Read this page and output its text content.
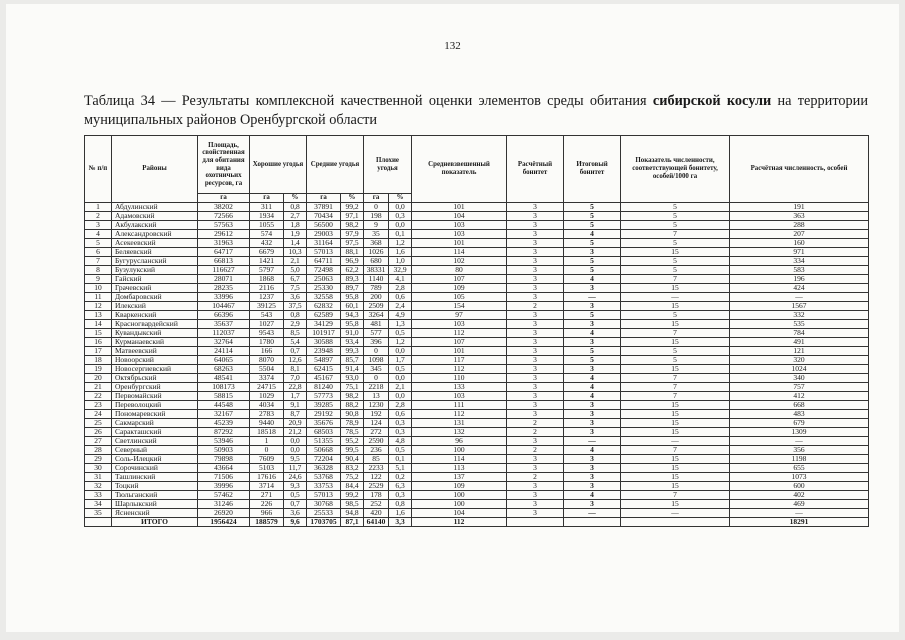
132
Таблица 34 — Результаты комплексной качественной оценки элементов среды обитания сибирской косули на территории муниципальных районов Оренбургской области
№ п/п	Районы	Площадь, свойственная для обитания вида охотничьих ресурсов, га	Хорошие угодья		Средние угодья		Плохие угодья		Средневзвешенный показатель	Расчётный бонитет	Итоговый бонитет	Показатель численности, соответствующей бонитету, особей/1000 га	Расчётная численность, особей
		га	га	%	га	%	га	%					
1	Абдулинский	38202	311	0,8	37891	99,2	0	0,0	101	3	5	5	191
2	Адамовский	72566	1934	2,7	70434	97,1	198	0,3	104	3	5	5	363
3	Акбулакский	57563	1055	1,8	56500	98,2	9	0,0	103	3	5	5	288
4	Александровский	29612	574	1,9	29003	97,9	35	0,1	103	3	4	7	207
5	Асекеевский	31963	432	1,4	31164	97,5	368	1,2	101	3	5	5	160
6	Беляевский	64717	6679	10,3	57013	88,1	1026	1,6	114	3	3	15	971
7	Бугурусланский	66813	1421	2,1	64711	96,9	680	1,0	102	3	5	5	334
8	Бузулукский	116627	5797	5,0	72498	62,2	38331	32,9	80	3	5	5	583
9	Гайский	28071	1868	6,7	25063	89,3	1140	4,1	107	3	4	7	196
10	Грачевский	28235	2116	7,5	25330	89,7	789	2,8	109	3	3	15	424
11	Домбаровский	33996	1237	3,6	32558	95,8	200	0,6	105	3	—	—	—
12	Илекский	104467	39125	37,5	62832	60,1	2509	2,4	154	2	3	15	1567
13	Кваркенский	66396	543	0,8	62589	94,3	3264	4,9	97	3	5	5	332
14	Красногвардейский	35637	1027	2,9	34129	95,8	481	1,3	103	3	3	15	535
15	Кувандыкский	112037	9543	8,5	101917	91,0	577	0,5	112	3	4	7	784
16	Курманаевский	32764	1780	5,4	30588	93,4	396	1,2	107	3	3	15	491
17	Матвеевский	24114	166	0,7	23948	99,3	0	0,0	101	3	5	5	121
18	Новоорский	64065	8070	12,6	54897	85,7	1098	1,7	117	3	5	5	320
19	Новосергиевский	68263	5504	8,1	62415	91,4	345	0,5	112	3	3	15	1024
20	Октябрьский	48541	3374	7,0	45167	93,0	0	0,0	110	3	4	7	340
21	Оренбургский	108173	24715	22,8	81240	75,1	2218	2,1	133	3	4	7	757
22	Первомайский	58815	1029	1,7	57773	98,2	13	0,0	103	3	4	7	412
23	Переволоцкий	44548	4034	9,1	39285	88,2	1230	2,8	111	3	3	15	668
24	Пономаревский	32167	2783	8,7	29192	90,8	192	0,6	112	3	3	15	483
25	Сакмарский	45239	9440	20,9	35676	78,9	124	0,3	131	2	3	15	679
26	Саракташский	87292	18518	21,2	68503	78,5	272	0,3	132	2	3	15	1309
27	Светлинский	53946	1	0,0	51355	95,2	2590	4,8	96	3	—	—	—
28	Северный	50903	0	0,0	50668	99,5	236	0,5	100	2	4	7	356
29	Соль-Илецкий	79898	7609	9,5	72204	90,4	85	0,1	114	3	3	15	1198
30	Сорочинский	43664	5103	11,7	36328	83,2	2233	5,1	113	3	3	15	655
31	Ташлинский	71506	17616	24,6	53768	75,2	122	0,2	137	2	3	15	1073
32	Тоцкий	39996	3714	9,3	33753	84,4	2529	6,3	109	3	3	15	600
33	Тюльганский	57462	271	0,5	57013	99,2	178	0,3	100	3	4	7	402
34	Шарлыкский	31246	226	0,7	30768	98,5	252	0,8	100	3	3	15	469
35	Ясненский	26920	966	3,6	25533	94,8	420	1,6	104	3	—	—	—
	ИТОГО	1956424	188579	9,6	1703705	87,1	64140	3,3	112				18291
